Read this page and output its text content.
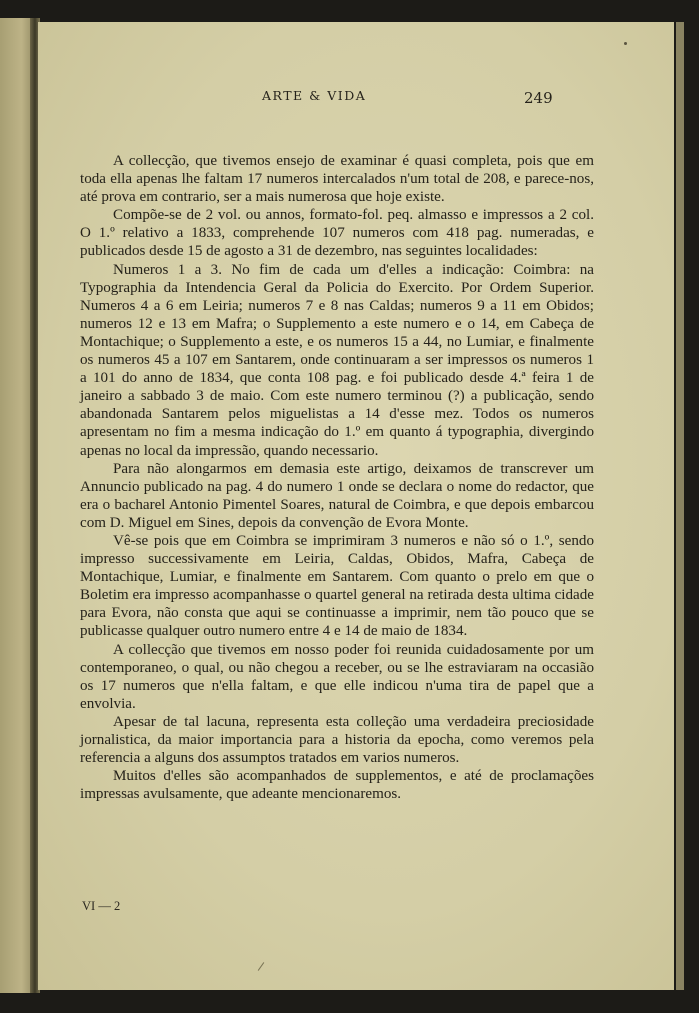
ARTE & VIDA	249

A collecção, que tivemos ensejo de examinar é quasi completa, pois que em toda ella apenas lhe faltam 17 numeros intercalados n'um total de 208, e parece-nos, até prova em contrario, ser a mais numerosa que hoje existe.

Compõe-se de 2 vol. ou annos, formato-fol. peq. almasso e impressos a 2 col. O 1.º relativo a 1833, comprehende 107 numeros com 418 pag. numeradas, e publicados desde 15 de agosto a 31 de dezembro, nas seguintes localidades:

Numeros 1 a 3. No fim de cada um d'elles a indicação: Coimbra: na Typographia da Intendencia Geral da Policia do Exercito. Por Ordem Superior. Numeros 4 a 6 em Leiria; numeros 7 e 8 nas Caldas; numeros 9 a 11 em Obidos; numeros 12 e 13 em Mafra; o Supplemento a este numero e o 14, em Cabeça de Montachique; o Supplemento a este, e os numeros 15 a 44, no Lumiar, e finalmente os numeros 45 a 107 em Santarem, onde continuaram a ser impressos os numeros 1 a 101 do anno de 1834, que conta 108 pag. e foi publicado desde 4.ª feira 1 de janeiro a sabbado 3 de maio. Com este numero terminou (?) a publicação, sendo abandonada Santarem pelos miguelistas a 14 d'esse mez. Todos os numeros apresentam no fim a mesma indicação do 1.º em quanto á typographia, divergindo apenas no local da impressão, quando necessario.

Para não alongarmos em demasia este artigo, deixamos de transcrever um Annuncio publicado na pag. 4 do numero 1 onde se declara o nome do redactor, que era o bacharel Antonio Pimentel Soares, natural de Coimbra, e que depois embarcou com D. Miguel em Sines, depois da convenção de Evora Monte.

Vê-se pois que em Coimbra se imprimiram 3 numeros e não só o 1.º, sendo impresso successivamente em Leiria, Caldas, Obidos, Mafra, Cabeça de Montachique, Lumiar, e finalmente em Santarem. Com quanto o prelo em que o Boletim era impresso acompanhasse o quartel general na retirada desta ultima cidade para Evora, não consta que aqui se continuasse a imprimir, nem tão pouco que se publicasse qualquer outro numero entre 4 e 14 de maio de 1834.

A collecção que tivemos em nosso poder foi reunida cuidadosamente por um contemporaneo, o qual, ou não chegou a receber, ou se lhe estraviaram na occasião os 17 numeros que n'ella faltam, e que elle indicou n'uma tira de papel que a envolvia.

Apesar de tal lacuna, representa esta colleção uma verdadeira preciosidade jornalistica, da maior importancia para a historia da epocha, como veremos pela referencia a alguns dos assumptos tratados em varios numeros.

Muitos d'elles são acompanhados de supplementos, e até de proclamações impressas avulsamente, que adeante mencionaremos.

VI — 2
